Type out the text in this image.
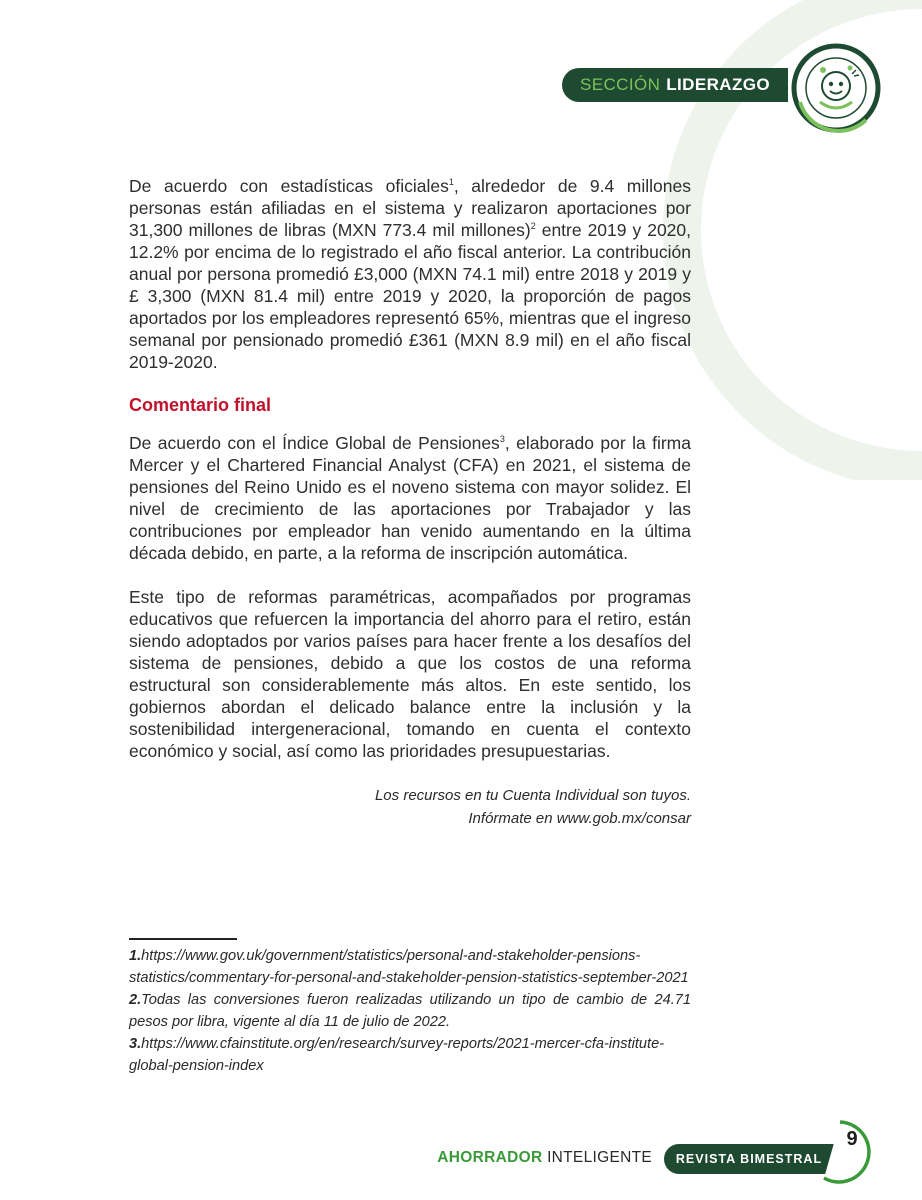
SECCIÓN LIDERAZGO

De acuerdo con estadísticas oficiales$^1$, alrededor de 9.4 millones personas están afiliadas en el sistema y realizaron aportaciones por 31,300 millones de libras (MXN 773.4 mil millones)$^2$ entre 2019 y 2020, 12.2% por encima de lo registrado el año fiscal anterior. La contribución anual por persona promedió £3,000 (MXN 74.1 mil) entre 2018 y 2019 y £ 3,300 (MXN 81.4 mil) entre 2019 y 2020, la proporción de pagos aportados por los empleadores representó 65%, mientras que el ingreso semanal por pensionado promedió £361 (MXN 8.9 mil) en el año fiscal 2019-2020.

Comentario final

De acuerdo con el Índice Global de Pensiones$^3$, elaborado por la firma Mercer y el Chartered Financial Analyst (CFA) en 2021, el sistema de pensiones del Reino Unido es el noveno sistema con mayor solidez. El nivel de crecimiento de las aportaciones por Trabajador y las contribuciones por empleador han venido aumentando en la última década debido, en parte, a la reforma de inscripción automática.

Este tipo de reformas paramétricas, acompañados por programas educativos que refuercen la importancia del ahorro para el retiro, están siendo adoptados por varios países para hacer frente a los desafíos del sistema de pensiones, debido a que los costos de una reforma estructural son considerablemente más altos. En este sentido, los gobiernos abordan el delicado balance entre la inclusión y la sostenibilidad intergeneracional, tomando en cuenta el contexto económico y social, así como las prioridades presupuestarias.

Los recursos en tu Cuenta Individual son tuyos.
Infórmate en www.gob.mx/consar

1.https://www.gov.uk/government/statistics/personal-and-stakeholder-pensions-statistics/commentary-for-personal-and-stakeholder-pension-statistics-september-2021

2.Todas las conversiones fueron realizadas utilizando un tipo de cambio de 24.71 pesos por libra, vigente al día 11 de julio de 2022.

3.https://www.cfainstitute.org/en/research/survey-reports/2021-mercer-cfa-institute-global-pension-index

AHORRADOR INTELIGENTE	REVISTA BIMESTRAL
9
